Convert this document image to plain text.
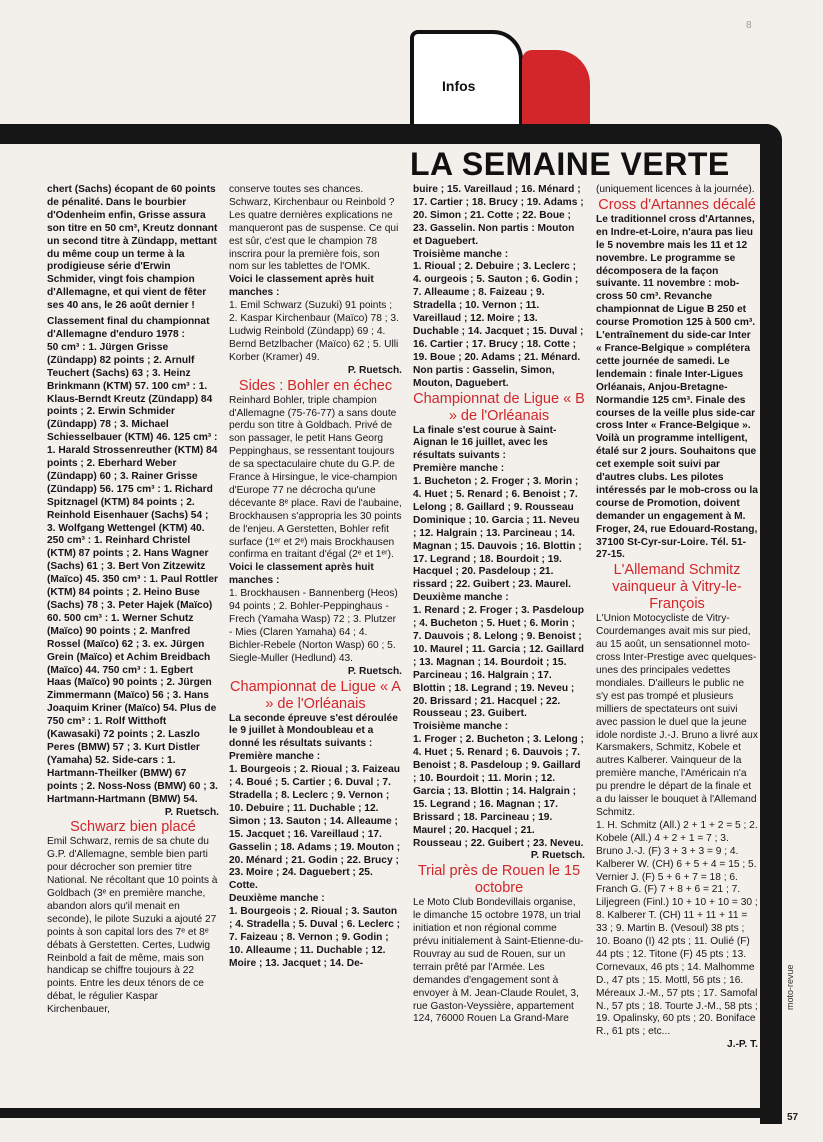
Infos
8
LA SEMAINE VERTE

chert (Sachs) écopant de 60 points de pénalité. Dans le bourbier d'Odenheim enfin, Grisse assura son titre en 50 cm³, Kreutz donnant un second titre à Zündapp, mettant du même coup un terme à la prodigieuse série d'Erwin Schmider, vingt fois champion d'Allemagne, et qui vient de fêter ses 40 ans, le 26 août dernier !

Classement final du championnat d'Allemagne d'enduro 1978 :

50 cm³ : 1. Jürgen Grisse (Zündapp) 82 points ; 2. Arnulf Teuchert (Sachs) 63 ; 3. Heinz Brinkmann (KTM) 57. 100 cm³ : 1. Klaus-Berndt Kreutz (Zündapp) 84 points ; 2. Erwin Schmider (Zündapp) 78 ; 3. Michael Schiesselbauer (KTM) 46. 125 cm³ : 1. Harald Strossenreuther (KTM) 84 points ; 2. Eberhard Weber (Zündapp) 60 ; 3. Rainer Grisse (Zündapp) 56. 175 cm³ : 1. Richard Spitznagel (KTM) 84 points ; 2. Reinhold Eisenhauer (Sachs) 54 ; 3. Wolfgang Wettengel (KTM) 40. 250 cm³ : 1. Reinhard Christel (KTM) 87 points ; 2. Hans Wagner (Sachs) 61 ; 3. Bert Von Zitzewitz (Maïco) 45. 350 cm³ : 1. Paul Rottler (KTM) 84 points ; 2. Heino Buse (Sachs) 78 ; 3. Peter Hajek (Maïco) 60. 500 cm³ : 1. Werner Schutz (Maïco) 90 points ; 2. Manfred Rossel (Maïco) 62 ; 3. ex. Jürgen Grein (Maïco) et Achim Breidbach (Maïco) 44. 750 cm³ : 1. Egbert Haas (Maïco) 90 points ; 2. Jürgen Zimmermann (Maïco) 56 ; 3. Hans Joaquim Kriner (Maïco) 54. Plus de 750 cm³ : 1. Rolf Witthoft (Kawasaki) 72 points ; 2. Laszlo Peres (BMW) 57 ; 3. Kurt Distler (Yamaha) 52. Side-cars : 1. Hartmann-Theilker (BMW) 67 points ; 2. Noss-Noss (BMW) 60 ; 3. Hartmann-Hartmann (BMW) 54.

P. Ruetsch.

Schwarz bien placé

Emil Schwarz, remis de sa chute du G.P. d'Allemagne, semble bien parti pour décrocher son premier titre National. Ne récoltant que 10 points à Goldbach (3ᵉ en première manche, abandon alors qu'il menait en seconde), le pilote Suzuki a ajouté 27 points à son capital lors des 7ᵉ et 8ᵉ débats à Gerstetten. Certes, Ludwig Reinbold a fait de même, mais son handicap se chiffre toujours à 22 points. Entre les deux ténors de ce débat, le régulier Kaspar Kirchenbauer,

conserve toutes ses chances. Schwarz, Kirchenbaur ou Reinbold ? Les quatre dernières explications ne manqueront pas de suspense. Ce qui est sûr, c'est que le champion 78 inscrira pour la première fois, son nom sur les tablettes de l'OMK.

Voici le classement après huit manches :

1. Emil Schwarz (Suzuki) 91 points ; 2. Kaspar Kirchenbaur (Maïco) 78 ; 3. Ludwig Reinbold (Zündapp) 69 ; 4. Bernd Betzlbacher (Maïco) 62 ; 5. Ulli Korber (Kramer) 49.

P. Ruetsch.

Sides : Bohler en échec

Reinhard Bohler, triple champion d'Allemagne (75-76-77) a sans doute perdu son titre à Goldbach. Privé de son passager, le petit Hans Georg Peppinghaus, se ressentant toujours de sa spectaculaire chute du G.P. de France à Hirsingue, le vice-champion d'Europe 77 ne décrocha qu'une décevante 8ᵉ place. Ravi de l'aubaine, Brockhausen s'appropria les 30 points de l'enjeu. A Gerstetten, Bohler refit surface (1ᵉʳ et 2ᵉ) mais Brockhausen confirma en traitant d'égal (2ᵉ et 1ᵉʳ).

Voici le classement après huit manches :

1. Brockhausen - Bannenberg (Heos) 94 points ; 2. Bohler-Peppinghaus - Frech (Yamaha Wasp) 72 ; 3. Plutzer - Mies (Claren Yamaha) 64 ; 4. Bichler-Rebele (Norton Wasp) 60 ; 5. Siegle-Muller (Hedlund) 43.

P. Ruetsch.

Championnat de Ligue « A » de l'Orléanais

La seconde épreuve s'est déroulée le 9 juillet à Mondoubleau et a donné les résultats suivants :

Première manche :

1. Bourgeois ; 2. Rioual ; 3. Faizeau ; 4. Boué ; 5. Cartier ; 6. Duval ; 7. Stradella ; 8. Leclerc ; 9. Vernon ; 10. Debuire ; 11. Duchable ; 12. Simon ; 13. Sauton ; 14. Alleaume ; 15. Jacquet ; 16. Vareillaud ; 17. Gasselin ; 18. Adams ; 19. Mouton ; 20. Ménard ; 21. Godin ; 22. Brucy ; 23. Moire ; 24. Daguebert ; 25. Cotte.

Deuxième manche :

1. Bourgeois ; 2. Rioual ; 3. Sauton ; 4. Stradella ; 5. Duval ; 6. Leclerc ; 7. Faizeau ; 8. Vernon ; 9. Godin ; 10. Alleaume ; 11. Duchable ; 12. Moire ; 13. Jacquet ; 14. De-

buire ; 15. Vareillaud ; 16. Ménard ; 17. Cartier ; 18. Brucy ; 19. Adams ; 20. Simon ; 21. Cotte ; 22. Boue ; 23. Gasselin. Non partis : Mouton et Daguebert.

Troisième manche :

1. Rioual ; 2. Debuire ; 3. Leclerc ; 4. ourgeois ; 5. Sauton ; 6. Godin ; 7. Alleaume ; 8. Faizeau ; 9. Stradella ; 10. Vernon ; 11. Vareillaud ; 12. Moire ; 13. Duchable ; 14. Jacquet ; 15. Duval ; 16. Cartier ; 17. Brucy ; 18. Cotte ; 19. Boue ; 20. Adams ; 21. Ménard. Non partis : Gasselin, Simon, Mouton, Daguebert.

Championnat de Ligue « B » de l'Orléanais

La finale s'est courue à Saint-Aignan le 16 juillet, avec les résultats suivants :

Première manche :

1. Bucheton ; 2. Froger ; 3. Morin ; 4. Huet ; 5. Renard ; 6. Benoist ; 7. Lelong ; 8. Gaillard ; 9. Rousseau Dominique ; 10. Garcia ; 11. Neveu ; 12. Halgrain ; 13. Parcineau ; 14. Magnan ; 15. Dauvois ; 16. Blottin ; 17. Legrand ; 18. Bourdoit ; 19. Hacquel ; 20. Pasdeloup ; 21. rissard ; 22. Guibert ; 23. Maurel.

Deuxième manche :

1. Renard ; 2. Froger ; 3. Pasdeloup ; 4. Bucheton ; 5. Huet ; 6. Morin ; 7. Dauvois ; 8. Lelong ; 9. Benoist ; 10. Maurel ; 11. Garcia ; 12. Gaillard ; 13. Magnan ; 14. Bourdoit ; 15. Parcineau ; 16. Halgrain ; 17. Blottin ; 18. Legrand ; 19. Neveu ; 20. Brissard ; 21. Hacquel ; 22. Rousseau ; 23. Guibert.

Troisième manche :

1. Froger ; 2. Bucheton ; 3. Lelong ; 4. Huet ; 5. Renard ; 6. Dauvois ; 7. Benoist ; 8. Pasdeloup ; 9. Gaillard ; 10. Bourdoit ; 11. Morin ; 12. Garcia ; 13. Blottin ; 14. Halgrain ; 15. Legrand ; 16. Magnan ; 17. Brissard ; 18. Parcineau ; 19. Maurel ; 20. Hacquel ; 21. Rousseau ; 22. Guibert ; 23. Neveu.

P. Ruetsch.

Trial près de Rouen le 15 octobre

Le Moto Club Bondevillais organise, le dimanche 15 octobre 1978, un trial initiation et non régional comme prévu initialement à Saint-Etienne-du-Rouvray au sud de Rouen, sur un terrain prêté par l'Armée. Les demandes d'engagement sont à envoyer à M. Jean-Claude Roulet, 3, rue Gaston-Veyssière, appartement 124, 76000 Rouen La Grand-Mare

(uniquement licences à la journée).

Cross d'Artannes décalé

Le traditionnel cross d'Artannes, en Indre-et-Loire, n'aura pas lieu le 5 novembre mais les 11 et 12 novembre. Le programme se décomposera de la façon suivante. 11 novembre : mob-cross 50 cm³. Revanche championnat de Ligue B 250 et course Promotion 125 à 500 cm³. L'entraînement du side-car Inter « France-Belgique » complétera cette journée de samedi. Le lendemain : finale Inter-Ligues Orléanais, Anjou-Bretagne-Normandie 125 cm³. Finale des courses de la veille plus side-car cross Inter « France-Belgique ». Voilà un programme intelligent, étalé sur 2 jours. Souhaitons que cet exemple soit suivi par d'autres clubs. Les pilotes intéressés par le mob-cross ou la course de Promotion, doivent demander un engagement à M. Froger, 24, rue Edouard-Rostang, 37100 St-Cyr-sur-Loire. Tél. 51-27-15.

L'Allemand Schmitz vainqueur à Vitry-le-François

L'Union Motocycliste de Vitry-Courdemanges avait mis sur pied, au 15 août, un sensationnel moto-cross Inter-Prestige avec quelques-unes des principales vedettes mondiales. D'ailleurs le public ne s'y est pas trompé et plusieurs milliers de spectateurs ont suivi avec passion le duel que la jeune idole nordiste J.-J. Bruno a livré aux Karsmakers, Schmitz, Kobele et autres Kalberer. Vainqueur de la première manche, l'Américain n'a pu prendre le départ de la finale et a du laisser le bouquet à l'Allemand Schmitz.

1. H. Schmitz (All.) 2 + 1 + 2 = 5 ; 2. Kobele (All.) 4 + 2 + 1 = 7 ; 3. Bruno J.-J. (F) 3 + 3 + 3 = 9 ; 4. Kalberer W. (CH) 6 + 5 + 4 = 15 ; 5. Vernier J. (F) 5 + 6 + 7 = 18 ; 6. Franch G. (F) 7 + 8 + 6 = 21 ; 7. Liljegreen (Finl.) 10 + 10 + 10 = 30 ; 8. Kalberer T. (CH) 11 + 11 + 11 = 33 ; 9. Martin B. (Vesoul) 38 pts ; 10. Boano (I) 42 pts ; 11. Oulié (F) 44 pts ; 12. Titone (F) 45 pts ; 13. Cornevaux, 46 pts ; 14. Malhomme D., 47 pts ; 15. Mottl, 56 pts ; 16. Méreaux J.-M., 57 pts ; 17. Samofal N., 57 pts ; 18. Tourte J.-M., 58 pts ; 19. Opalinsky, 60 pts ; 20. Boniface R., 61 pts ; etc...

J.-P. T.

moto-revue
57
